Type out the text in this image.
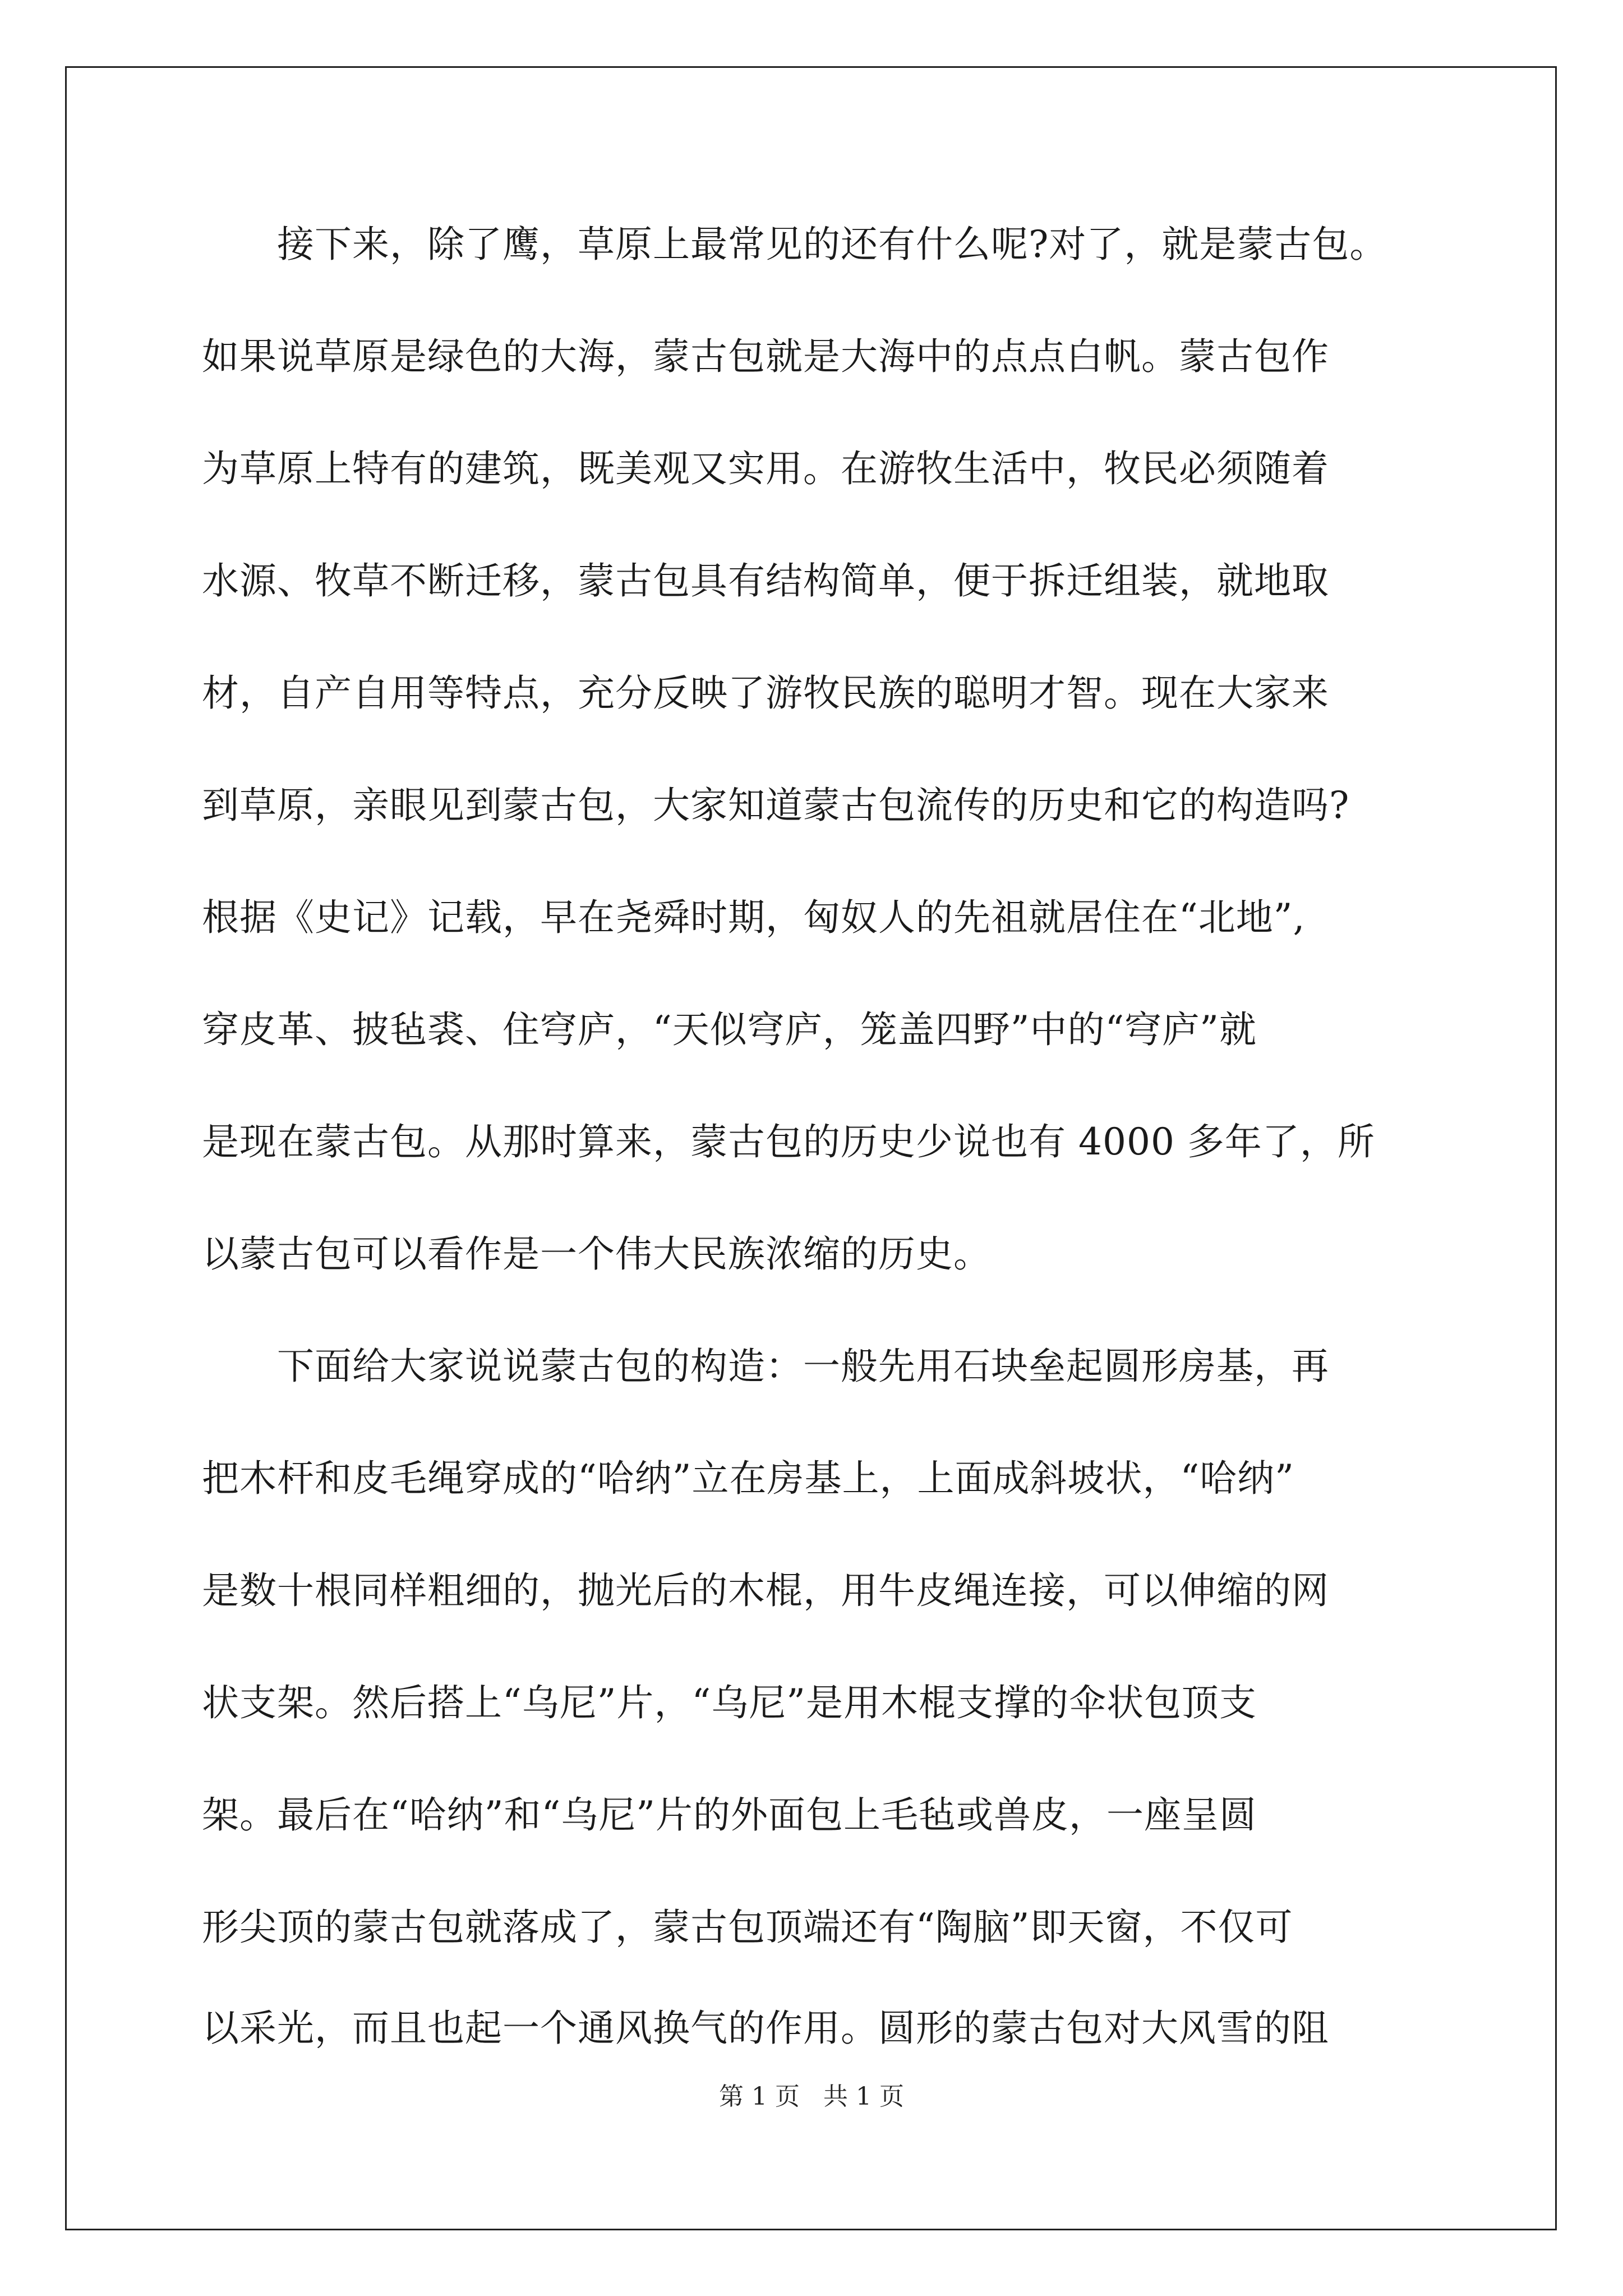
　　接下来，除了鹰，草原上最常见的还有什么呢?对了，就是蒙古包。
如果说草原是绿色的大海，蒙古包就是大海中的点点白帆。蒙古包作
为草原上特有的建筑，既美观又实用。在游牧生活中，牧民必须随着
水源、牧草不断迁移，蒙古包具有结构简单，便于拆迁组装，就地取
材，自产自用等特点，充分反映了游牧民族的聪明才智。现在大家来
到草原，亲眼见到蒙古包，大家知道蒙古包流传的历史和它的构造吗?
根据《史记》记载，早在尧舜时期，匈奴人的先祖就居住在“北地”,
穿皮革、披毡裘、住穹庐，“天似穹庐，笼盖四野”中的“穹庐”就
是现在蒙古包。从那时算来，蒙古包的历史少说也有 4000 多年了，所
以蒙古包可以看作是一个伟大民族浓缩的历史。
　　下面给大家说说蒙古包的构造：一般先用石块垒起圆形房基，再
把木杆和皮毛绳穿成的“哈纳”立在房基上，上面成斜坡状，“哈纳”
是数十根同样粗细的，抛光后的木棍，用牛皮绳连接，可以伸缩的网
状支架。然后搭上“乌尼”片，“乌尼”是用木棍支撑的伞状包顶支
架。最后在“哈纳”和“乌尼”片的外面包上毛毡或兽皮，一座呈圆
形尖顶的蒙古包就落成了，蒙古包顶端还有“陶脑”即天窗，不仅可
以采光，而且也起一个通风换气的作用。圆形的蒙古包对大风雪的阻
第 1 页   共 1 页
